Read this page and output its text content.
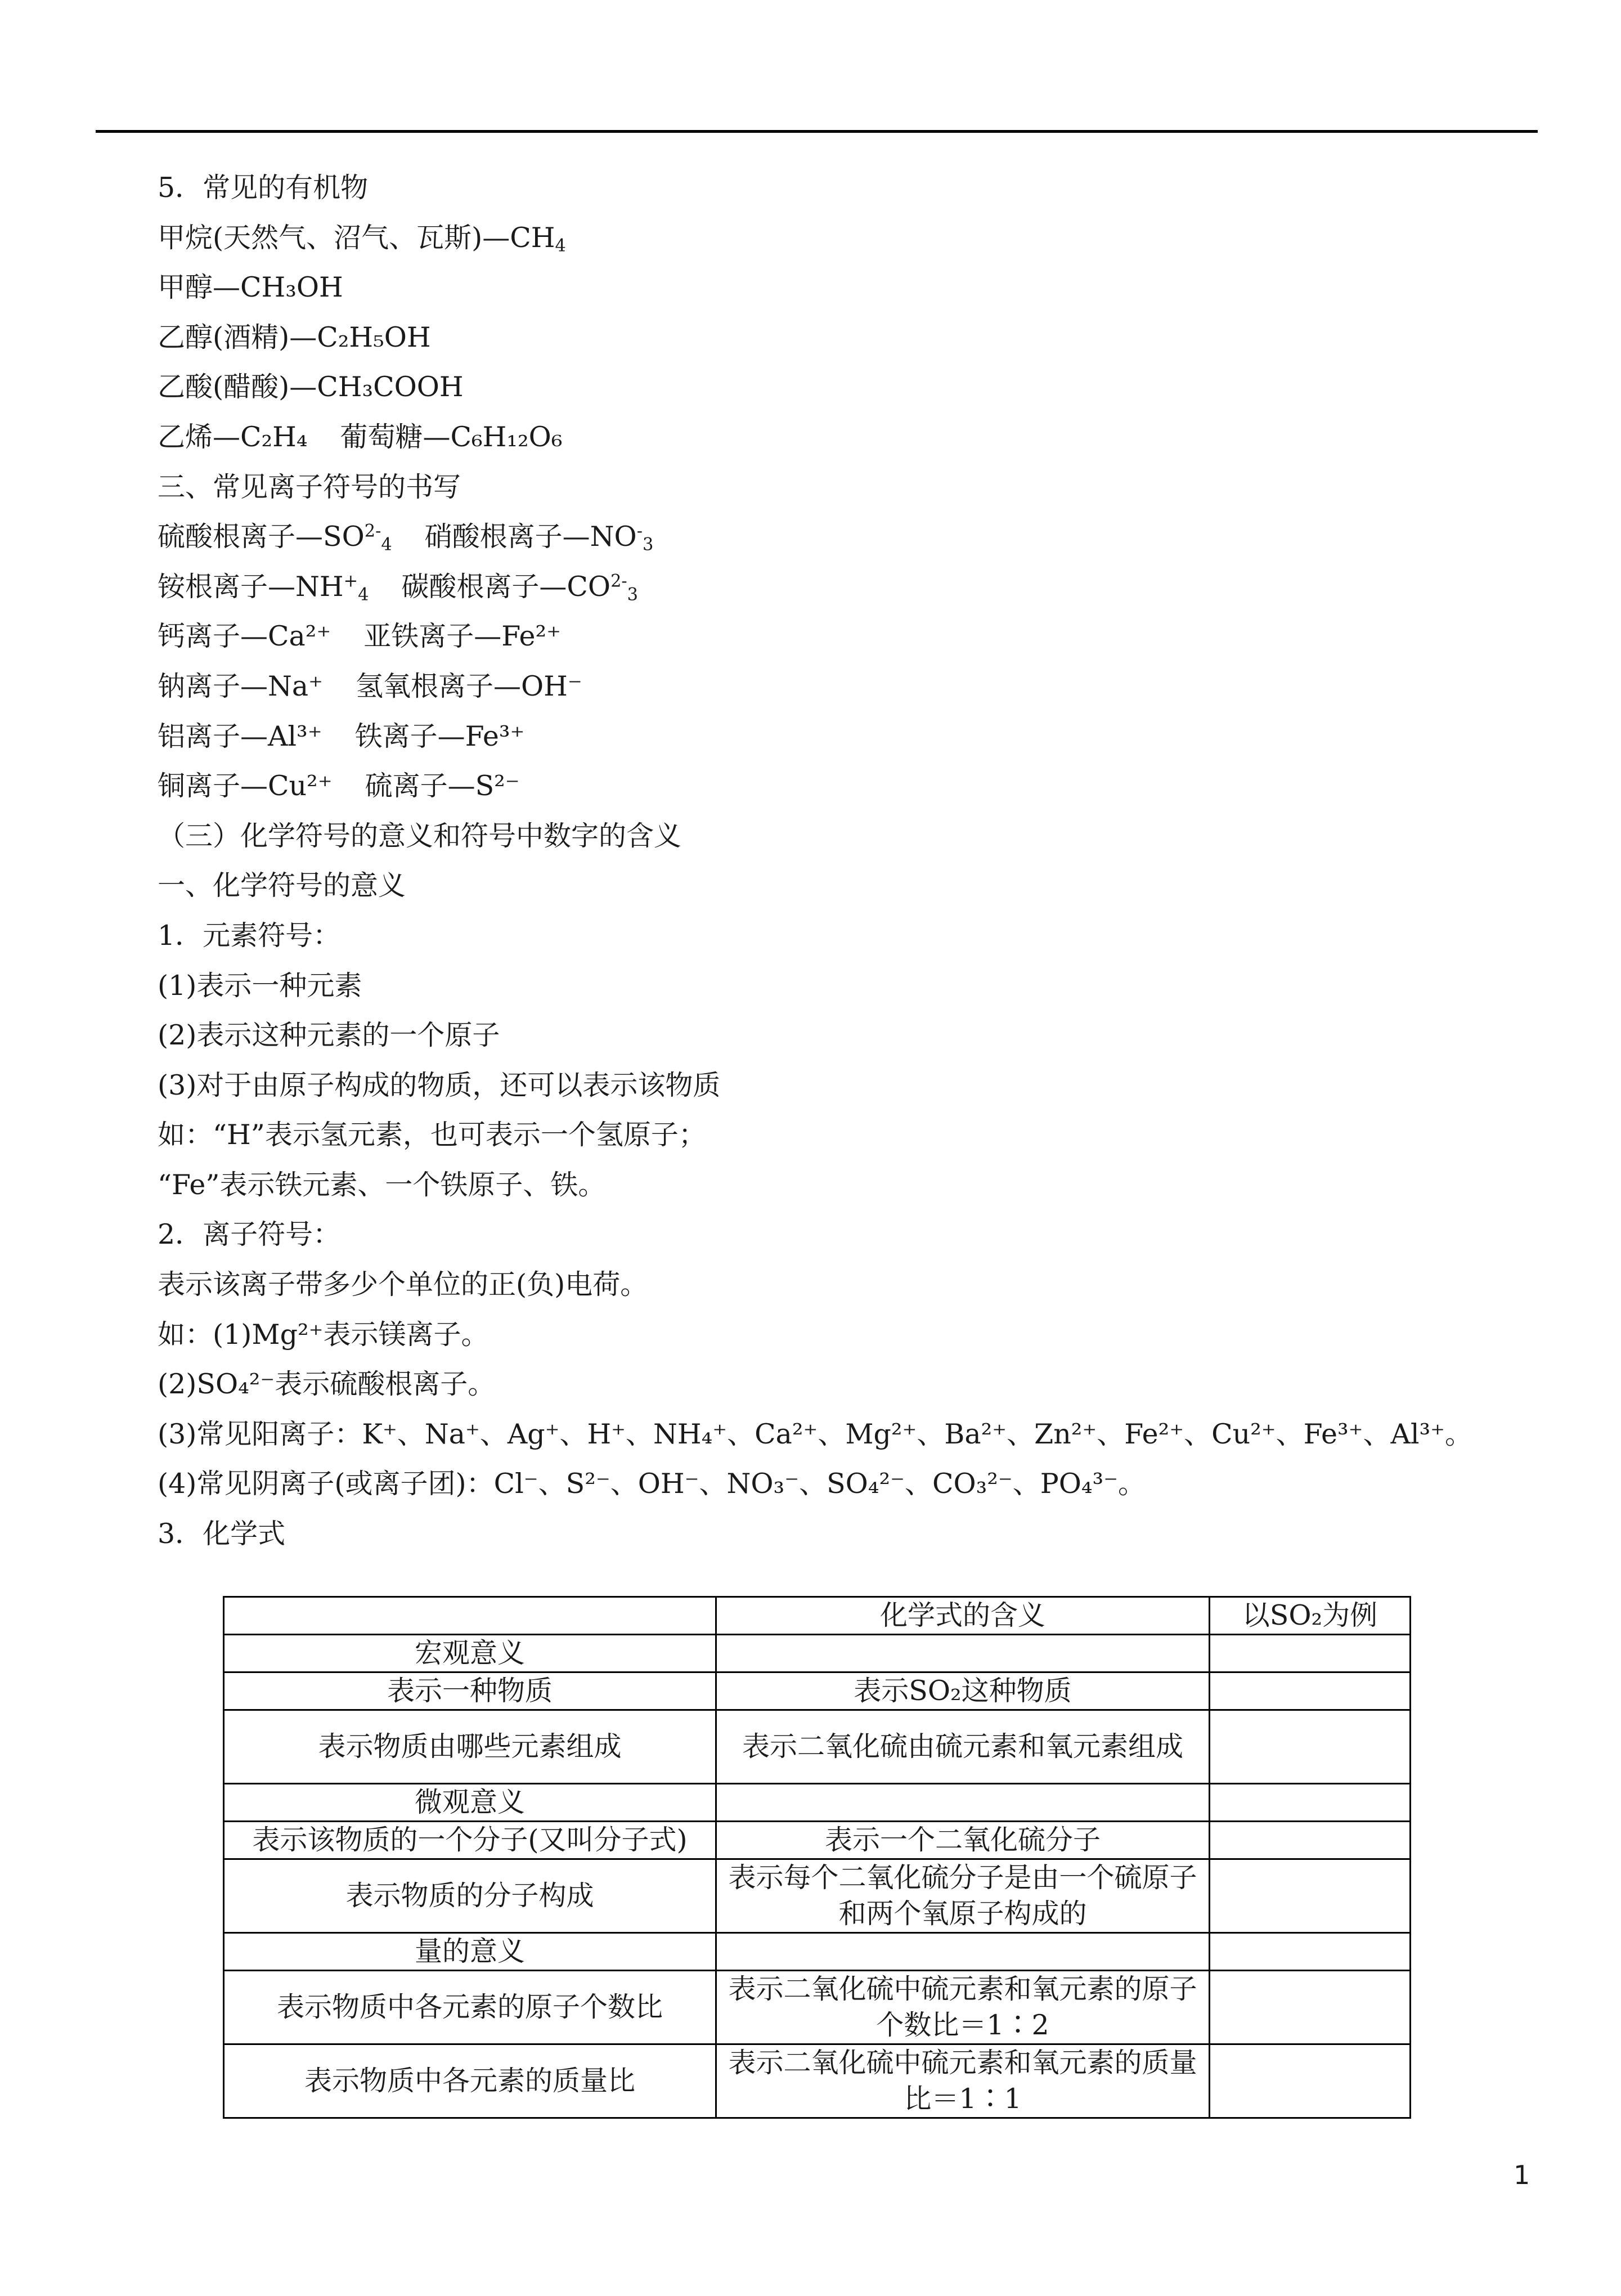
5．常见的有机物
甲烷(天然气、沼气、瓦斯)$—CH_4$
甲醇—CH₃OH
乙醇(酒精)—C₂H₅OH
乙酸(醋酸)—CH₃COOH
乙烯—C₂H₄ 葡萄糖—C₆H₁₂O₆
三、常见离子符号的书写
硫酸根离子$—SO^{2-}_4$ 硝酸根离子$—NO^-_3$
铵根离子$—NH^+_4$ 碳酸根离子$—CO^{2-}_3$
钙离子—Ca²⁺ 亚铁离子—Fe²⁺
钠离子—Na⁺ 氢氧根离子—OH⁻
铝离子—Al³⁺ 铁离子—Fe³⁺
铜离子—Cu²⁺ 硫离子—S²⁻
（三）化学符号的意义和符号中数字的含义
一、化学符号的意义
1．元素符号：
(1)表示一种元素
(2)表示这种元素的一个原子
(3)对于由原子构成的物质，还可以表示该物质
如：“H”表示氢元素，也可表示一个氢原子；
“Fe”表示铁元素、一个铁原子、铁。
2．离子符号：
表示该离子带多少个单位的正(负)电荷。
如：(1)Mg²⁺表示镁离子。
(2)SO₄²⁻表示硫酸根离子。
(3)常见阳离子：K⁺、Na⁺、Ag⁺、H⁺、NH₄⁺、Ca²⁺、Mg²⁺、Ba²⁺、Zn²⁺、Fe²⁺、Cu²⁺、Fe³⁺、Al³⁺。
(4)常见阴离子(或离子团)：Cl⁻、S²⁻、OH⁻、NO₃⁻、SO₄²⁻、CO₃²⁻、PO₄³⁻。
3．化学式
	化学式的含义	以SO₂为例
宏观意义		
表示一种物质	表示SO₂这种物质	
表示物质由哪些元素组成	表示二氧化硫由硫元素和氧元素组成	
微观意义		
表示该物质的一个分子(又叫分子式)	表示一个二氧化硫分子	
表示物质的分子构成	表示每个二氧化硫分子是由一个硫原子和两个氧原子构成的	
量的意义		
表示物质中各元素的原子个数比	表示二氧化硫中硫元素和氧元素的原子个数比＝1∶2	
表示物质中各元素的质量比	表示二氧化硫中硫元素和氧元素的质量比＝1∶1	
1
